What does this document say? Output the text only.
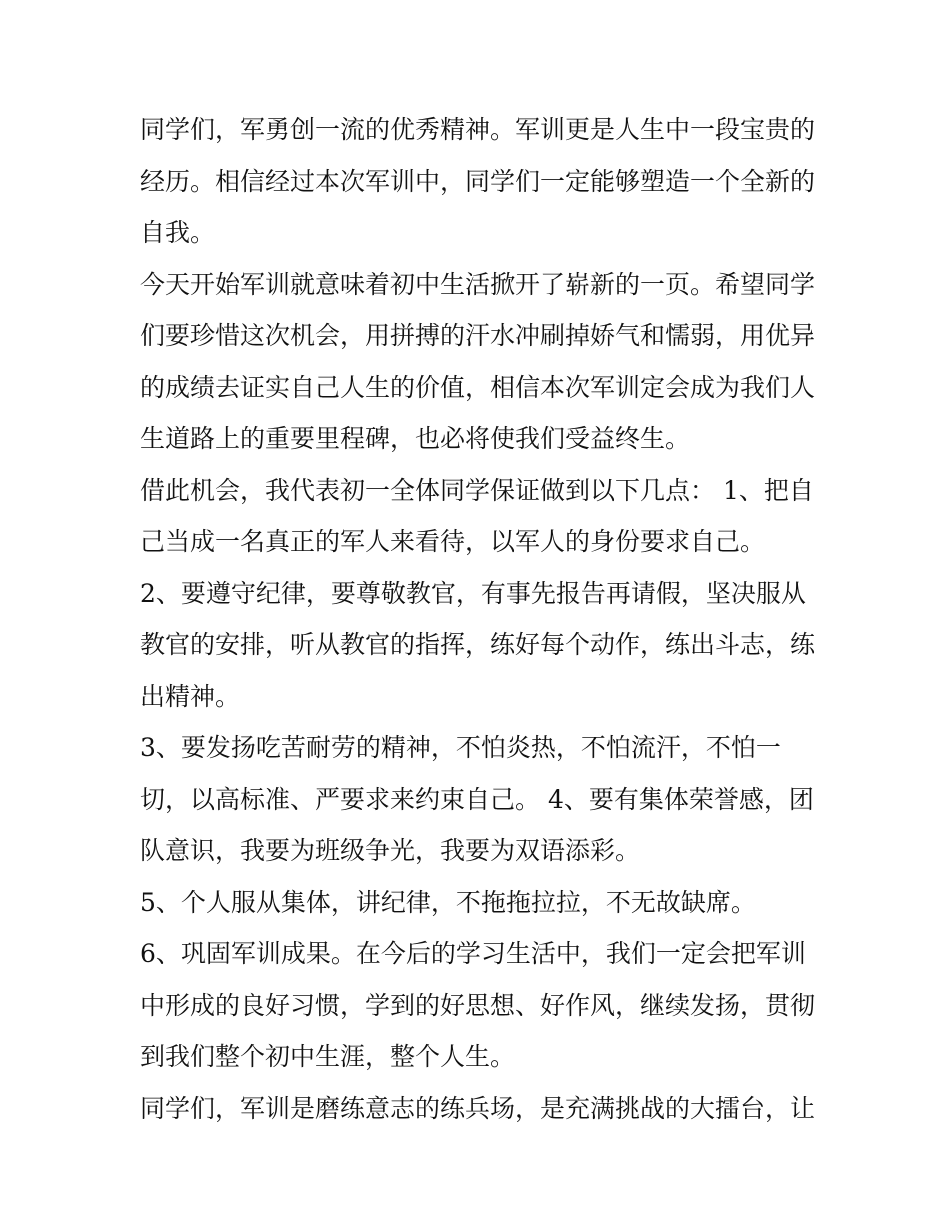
同学们，军勇创一流的优秀精神。军训更是人生中一段宝贵的
经历。相信经过本次军训中，同学们一定能够塑造一个全新的
自我。
今天开始军训就意味着初中生活掀开了崭新的一页。希望同学
们要珍惜这次机会，用拼搏的汗水冲刷掉娇气和懦弱，用优异
的成绩去证实自己人生的价值，相信本次军训定会成为我们人
生道路上的重要里程碑，也必将使我们受益终生。
借此机会，我代表初一全体同学保证做到以下几点： 1、把自
己当成一名真正的军人来看待，以军人的身份要求自己。
2、要遵守纪律，要尊敬教官，有事先报告再请假，坚决服从
教官的安排，听从教官的指挥，练好每个动作，练出斗志，练
出精神。
3、要发扬吃苦耐劳的精神，不怕炎热，不怕流汗，不怕一
切，以高标准、严要求来约束自己。 4、要有集体荣誉感，团
队意识，我要为班级争光，我要为双语添彩。
5、个人服从集体，讲纪律，不拖拖拉拉，不无故缺席。
6、巩固军训成果。在今后的学习生活中，我们一定会把军训
中形成的良好习惯，学到的好思想、好作风，继续发扬，贯彻
到我们整个初中生涯，整个人生。
同学们，军训是磨练意志的练兵场，是充满挑战的大擂台，让
